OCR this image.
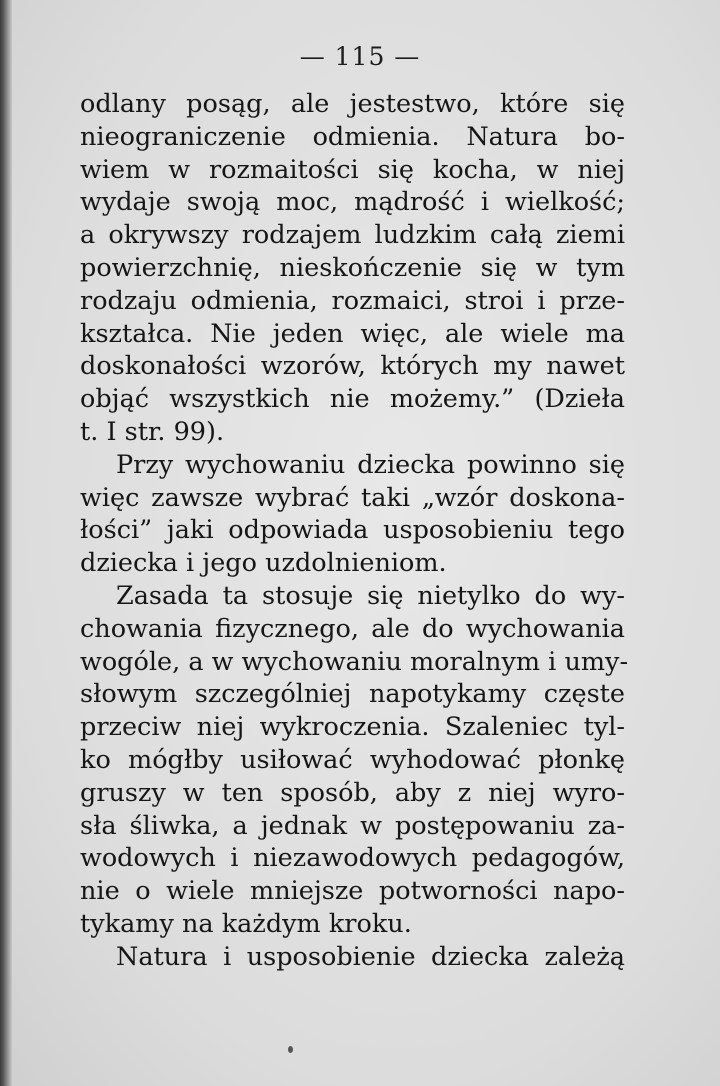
— 115 —
odlany posąg, ale jestestwo, które się
nieograniczenie odmienia. Natura bo-
wiem w rozmaitości się kocha, w niej
wydaje swoją moc, mądrość i wielkość;
a okrywszy rodzajem ludzkim całą ziemi
powierzchnię, nieskończenie się w tym
rodzaju odmienia, rozmaici, stroi i prze-
kształca. Nie jeden więc, ale wiele ma
doskonałości wzorów, których my nawet
objąć wszystkich nie możemy.” (Dzieła
t. I str. 99).
Przy wychowaniu dziecka powinno się
więc zawsze wybrać taki „wzór doskona-
łości” jaki odpowiada usposobieniu tego
dziecka i jego uzdolnieniom.
Zasada ta stosuje się nietylko do wy-
chowania fizycznego, ale do wychowania
wogóle, a w wychowaniu moralnym i umy-
słowym szczególniej napotykamy częste
przeciw niej wykroczenia. Szaleniec tyl-
ko mógłby usiłować wyhodować płonkę
gruszy w ten sposób, aby z niej wyro-
sła śliwka, a jednak w postępowaniu za-
wodowych i niezawodowych pedagogów,
nie o wiele mniejsze potworności napo-
tykamy na każdym kroku.
Natura i usposobienie dziecka zależą
